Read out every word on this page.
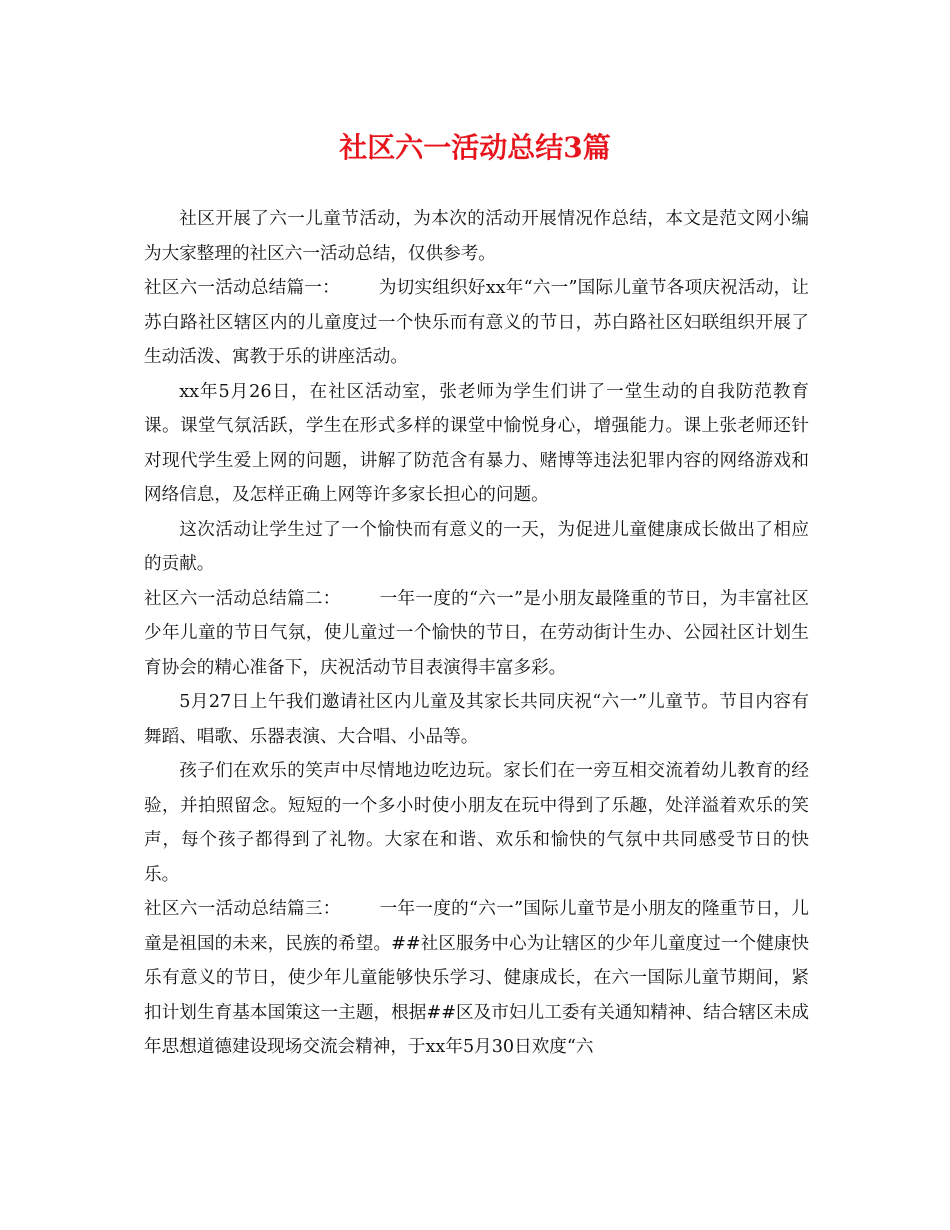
社区六一活动总结3篇

社区开展了六一儿童节活动，为本次的活动开展情况作总结，本文是范文网小编为大家整理的社区六一活动总结，仅供参考。

社区六一活动总结篇一： 为切实组织好xx年“六一”国际儿童节各项庆祝活动，让苏白路社区辖区内的儿童度过一个快乐而有意义的节日，苏白路社区妇联组织开展了生动活泼、寓教于乐的讲座活动。

xx年5月26日，在社区活动室，张老师为学生们讲了一堂生动的自我防范教育课。课堂气氛活跃，学生在形式多样的课堂中愉悦身心，增强能力。课上张老师还针对现代学生爱上网的问题，讲解了防范含有暴力、赌博等违法犯罪内容的网络游戏和网络信息，及怎样正确上网等许多家长担心的问题。

这次活动让学生过了一个愉快而有意义的一天，为促进儿童健康成长做出了相应的贡献。

社区六一活动总结篇二： 一年一度的“六一”是小朋友最隆重的节日，为丰富社区少年儿童的节日气氛，使儿童过一个愉快的节日，在劳动街计生办、公园社区计划生育协会的精心准备下，庆祝活动节目表演得丰富多彩。

5月27日上午我们邀请社区内儿童及其家长共同庆祝“六一”儿童节。节目内容有舞蹈、唱歌、乐器表演、大合唱、小品等。

孩子们在欢乐的笑声中尽情地边吃边玩。家长们在一旁互相交流着幼儿教育的经验，并拍照留念。短短的一个多小时使小朋友在玩中得到了乐趣，处洋溢着欢乐的笑声，每个孩子都得到了礼物。大家在和谐、欢乐和愉快的气氛中共同感受节日的快乐。

社区六一活动总结篇三： 一年一度的“六一”国际儿童节是小朋友的隆重节日，儿童是祖国的未来，民族的希望。##社区服务中心为让辖区的少年儿童度过一个健康快乐有意义的节日，使少年儿童能够快乐学习、健康成长，在六一国际儿童节期间，紧扣计划生育基本国策这一主题，根据##区及市妇儿工委有关通知精神、结合辖区未成年思想道德建设现场交流会精神，于xx年5月30日欢度“六
